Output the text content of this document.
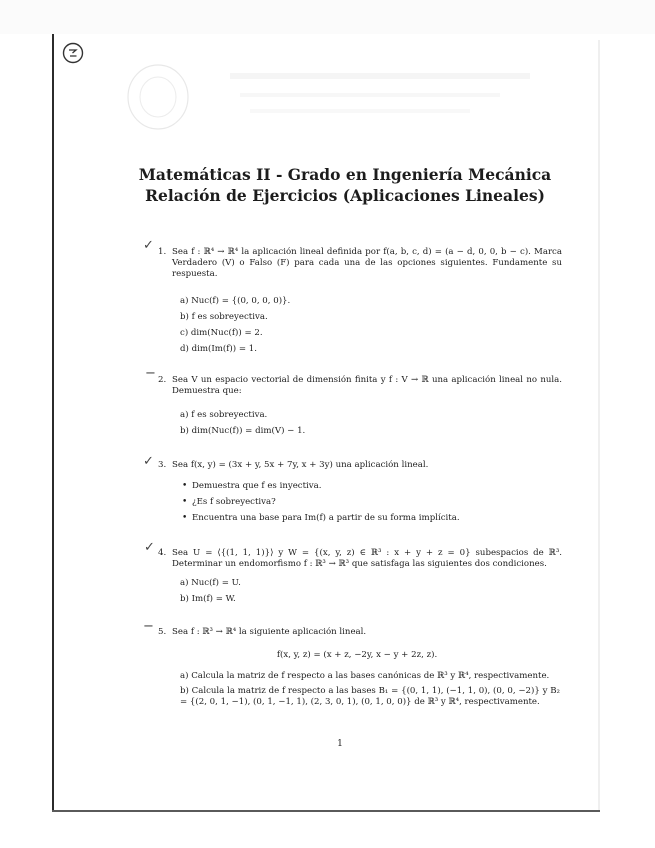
Matemáticas II - Grado en Ingeniería Mecánica
Relación de Ejercicios (Aplicaciones Lineales)
✓ 1. Sea f : ℝ⁴ → ℝ⁴ la aplicación lineal definida por f(a, b, c, d) = (a − d, 0, 0, b − c). Marca Verdadero (V) o Falso (F) para cada una de las opciones siguientes. Fundamente su respuesta.
a) Nuc(f) = {(0, 0, 0, 0)}.
b) f es sobreyectiva.
c) dim(Nuc(f)) = 2.
d) dim(Im(f)) = 1.
− 2. Sea V un espacio vectorial de dimensión finita y f : V → ℝ una aplicación lineal no nula. Demuestra que:
a) f es sobreyectiva.
b) dim(Nuc(f)) = dim(V) − 1.
✓ 3. Sea f(x, y) = (3x + y, 5x + 7y, x + 3y) una aplicación lineal.
• Demuestra que f es inyectiva.
• ¿Es f sobreyectiva?
• Encuentra una base para Im(f) a partir de su forma implícita.
✓ 4. Sea U = ⟨{(1, 1, 1)}⟩ y W = {(x, y, z) ∈ ℝ³ : x + y + z = 0} subespacios de ℝ³. Determinar un endomorfismo f : ℝ³ → ℝ³ que satisfaga las siguientes dos condiciones.
a) Nuc(f) = U.
b) Im(f) = W.
− 5. Sea f : ℝ³ → ℝ⁴ la siguiente aplicación lineal.
f(x, y, z) = (x + z, −2y, x − y + 2z, z).
a) Calcula la matriz de f respecto a las bases canónicas de ℝ³ y ℝ⁴, respectivamente.
b) Calcula la matriz de f respecto a las bases B₁ = {(0, 1, 1), (−1, 1, 0), (0, 0, −2)} y B₂ = {(2, 0, 1, −1), (0, 1, −1, 1), (2, 3, 0, 1), (0, 1, 0, 0)} de ℝ³ y ℝ⁴, respectivamente.
1
